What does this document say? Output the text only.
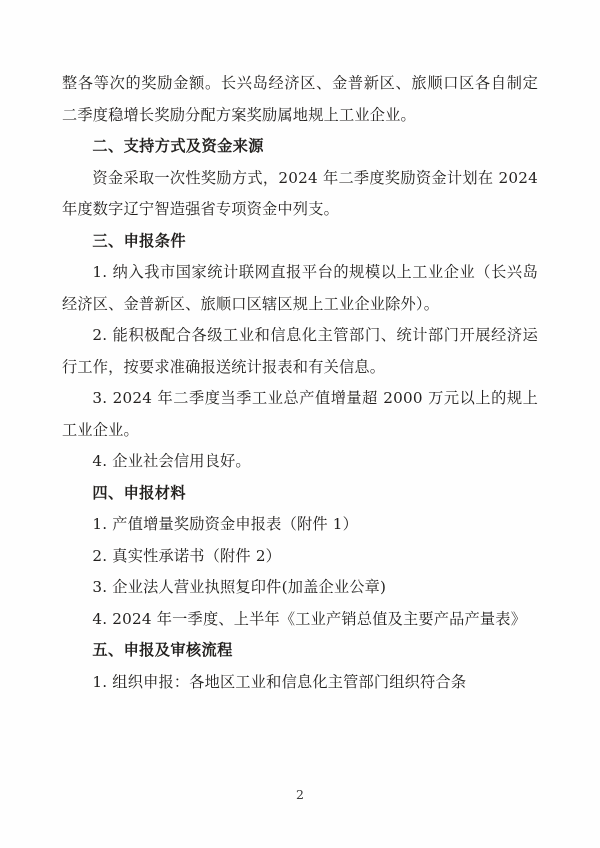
整各等次的奖励金额。长兴岛经济区、金普新区、旅顺口区各自制定二季度稳增长奖励分配方案奖励属地规上工业企业。

二、支持方式及资金来源

资金采取一次性奖励方式，2024 年二季度奖励资金计划在 2024 年度数字辽宁智造强省专项资金中列支。

三、申报条件

1. 纳入我市国家统计联网直报平台的规模以上工业企业（长兴岛经济区、金普新区、旅顺口区辖区规上工业企业除外）。

2. 能积极配合各级工业和信息化主管部门、统计部门开展经济运行工作，按要求准确报送统计报表和有关信息。

3. 2024 年二季度当季工业总产值增量超 2000 万元以上的规上工业企业。

4. 企业社会信用良好。

四、申报材料

1. 产值增量奖励资金申报表（附件 1）

2. 真实性承诺书（附件 2）

3. 企业法人营业执照复印件(加盖企业公章)

4. 2024 年一季度、上半年《工业产销总值及主要产品产量表》

五、申报及审核流程

1. 组织申报：各地区工业和信息化主管部门组织符合条

2
